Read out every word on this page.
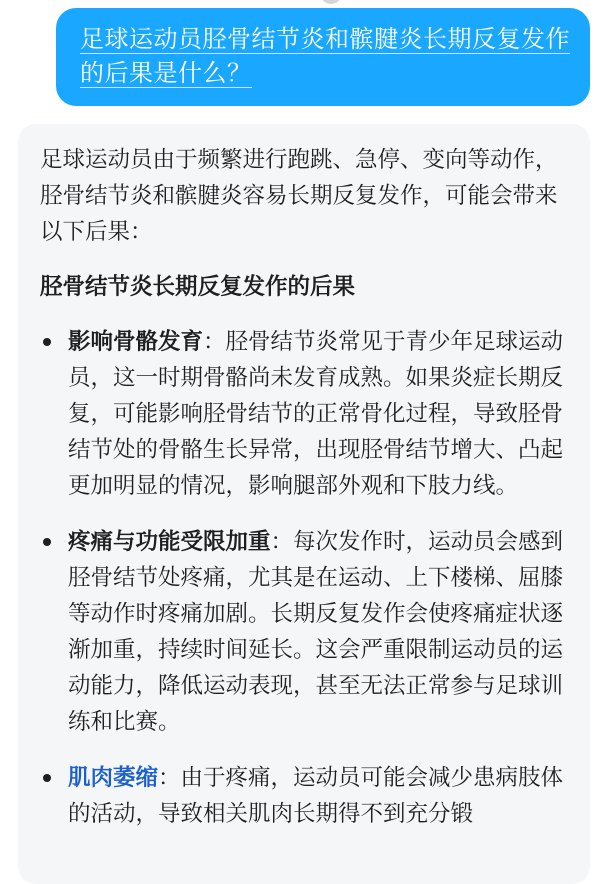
足球运动员胫骨结节炎和髌腱炎长期反复发作
的后果是什么？

足球运动员由于频繁进行跑跳、急停、变向等动作，胫骨结节炎和髌腱炎容易长期反复发作，可能会带来以下后果：

胫骨结节炎长期反复发作的后果
影响骨骼发育：胫骨结节炎常见于青少年足球运动员，这一时期骨骼尚未发育成熟。如果炎症长期反复，可能影响胫骨结节的正常骨化过程，导致胫骨结节处的骨骼生长异常，出现胫骨结节增大、凸起更加明显的情况，影响腿部外观和下肢力线。
疼痛与功能受限加重：每次发作时，运动员会感到胫骨结节处疼痛，尤其是在运动、上下楼梯、屈膝等动作时疼痛加剧。长期反复发作会使疼痛症状逐渐加重，持续时间延长。这会严重限制运动员的运动能力，降低运动表现，甚至无法正常参与足球训练和比赛。
肌肉萎缩：由于疼痛，运动员可能会减少患病肢体的活动，导致相关肌肉长期得不到充分锻
